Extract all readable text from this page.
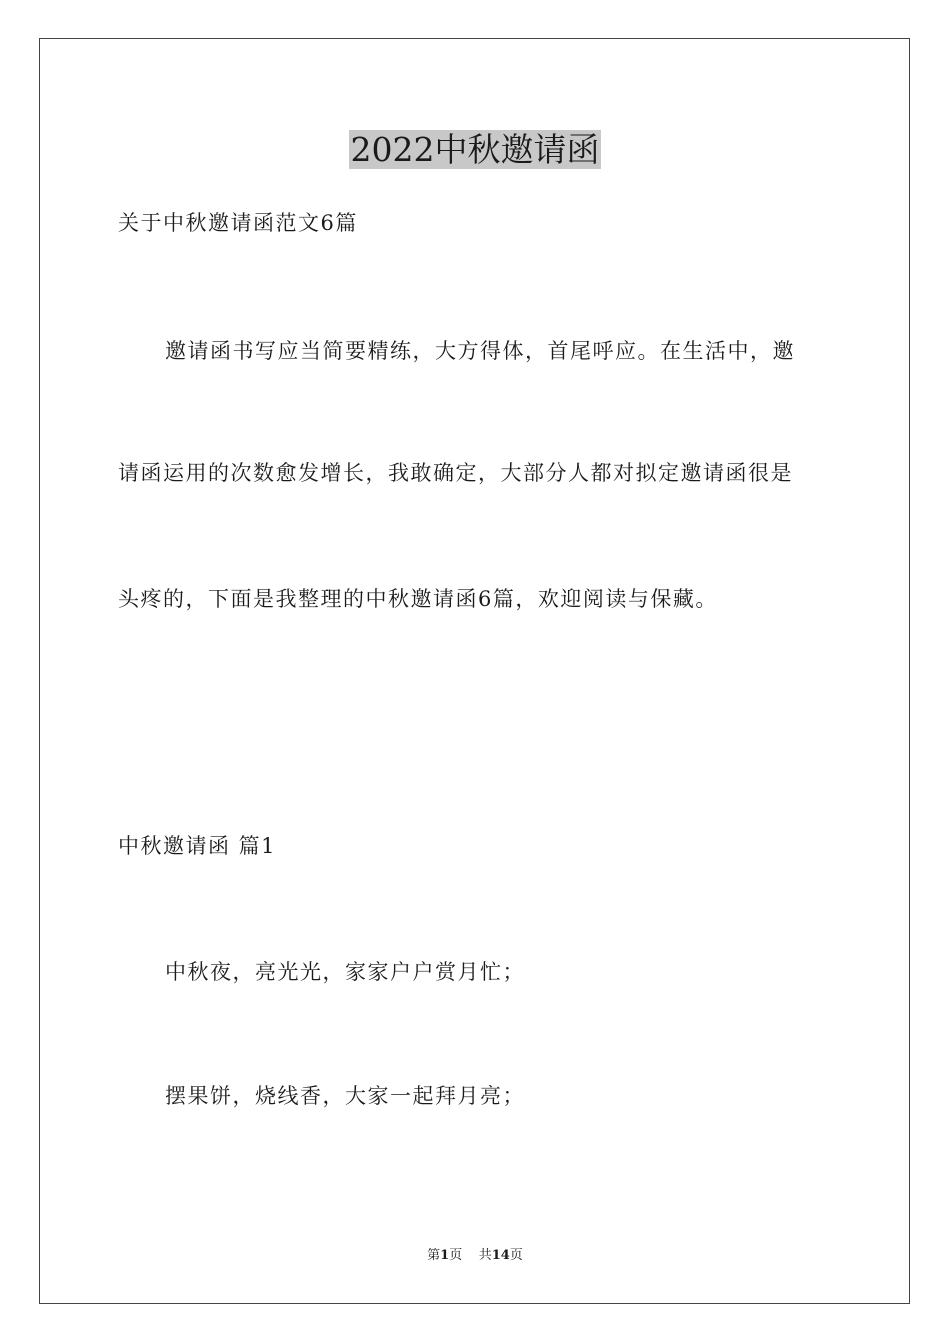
2022中秋邀请函

关于中秋邀请函范文6篇

邀请函书写应当简要精练，大方得体，首尾呼应。在生活中，邀

请函运用的次数愈发增长，我敢确定，大部分人都对拟定邀请函很是

头疼的，下面是我整理的中秋邀请函6篇，欢迎阅读与保藏。

中秋邀请函 篇1

中秋夜，亮光光，家家户户赏月忙；

摆果饼，烧线香，大家一起拜月亮；

第1页 共14页
